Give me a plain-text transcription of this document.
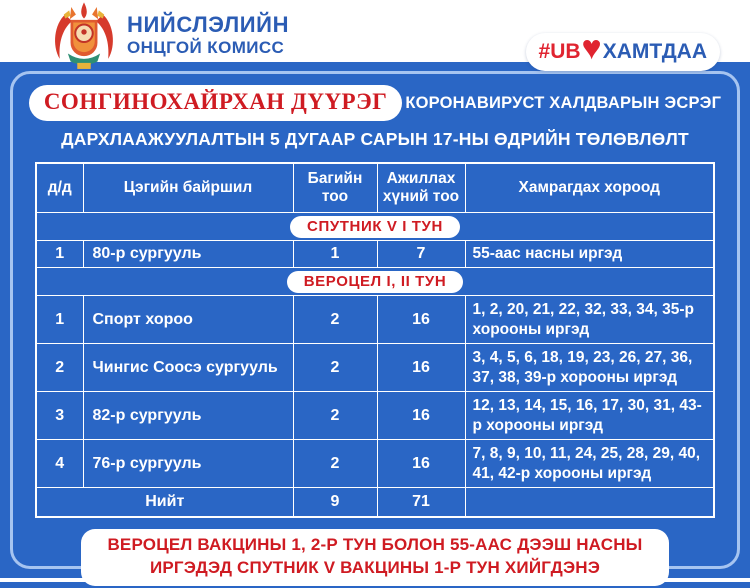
НИЙСЛЭЛИЙН
ОНЦГОЙ КОМИСС	#UB ♥ ХАМТДАА
СОНГИНОХАЙРХАН ДҮҮРЭГ	КОРОНАВИРУСТ ХАЛДВАРЫН ЭСРЭГ
ДАРХЛААЖУУЛАЛТЫН 5 ДУГААР САРЫН 17-НЫ ӨДРИЙН ТӨЛӨВЛӨЛТ
д/д	Цэгийн байршил	Багийн тоо	Ажиллах хүний тоо	Хамрагдах хороод
СПУТНИК V I ТУН				
1	80-р сургууль	1	7	55-аас насны иргэд
ВЕРОЦЕЛ I, II ТУН				
1	Спорт хороо	2	16	1, 2, 20, 21, 22, 32, 33, 34, 35-р хорооны иргэд
2	Чингис Соосэ сургууль	2	16	3, 4, 5, 6, 18, 19, 23, 26, 27, 36, 37, 38, 39-р хорооны иргэд
3	82-р сургууль	2	16	12, 13, 14, 15, 16, 17, 30, 31, 43-р хорооны иргэд
4	76-р сургууль	2	16	7, 8, 9, 10, 11, 24, 25, 28, 29, 40, 41, 42-р хорооны иргэд
Нийт		9	71	
ВЕРОЦЕЛ ВАКЦИНЫ 1, 2-Р ТУН БОЛОН 55-ААС ДЭЭШ НАСНЫ ИРГЭДЭД СПУТНИК V ВАКЦИНЫ 1-Р ТУН ХИЙГДЭНЭ
